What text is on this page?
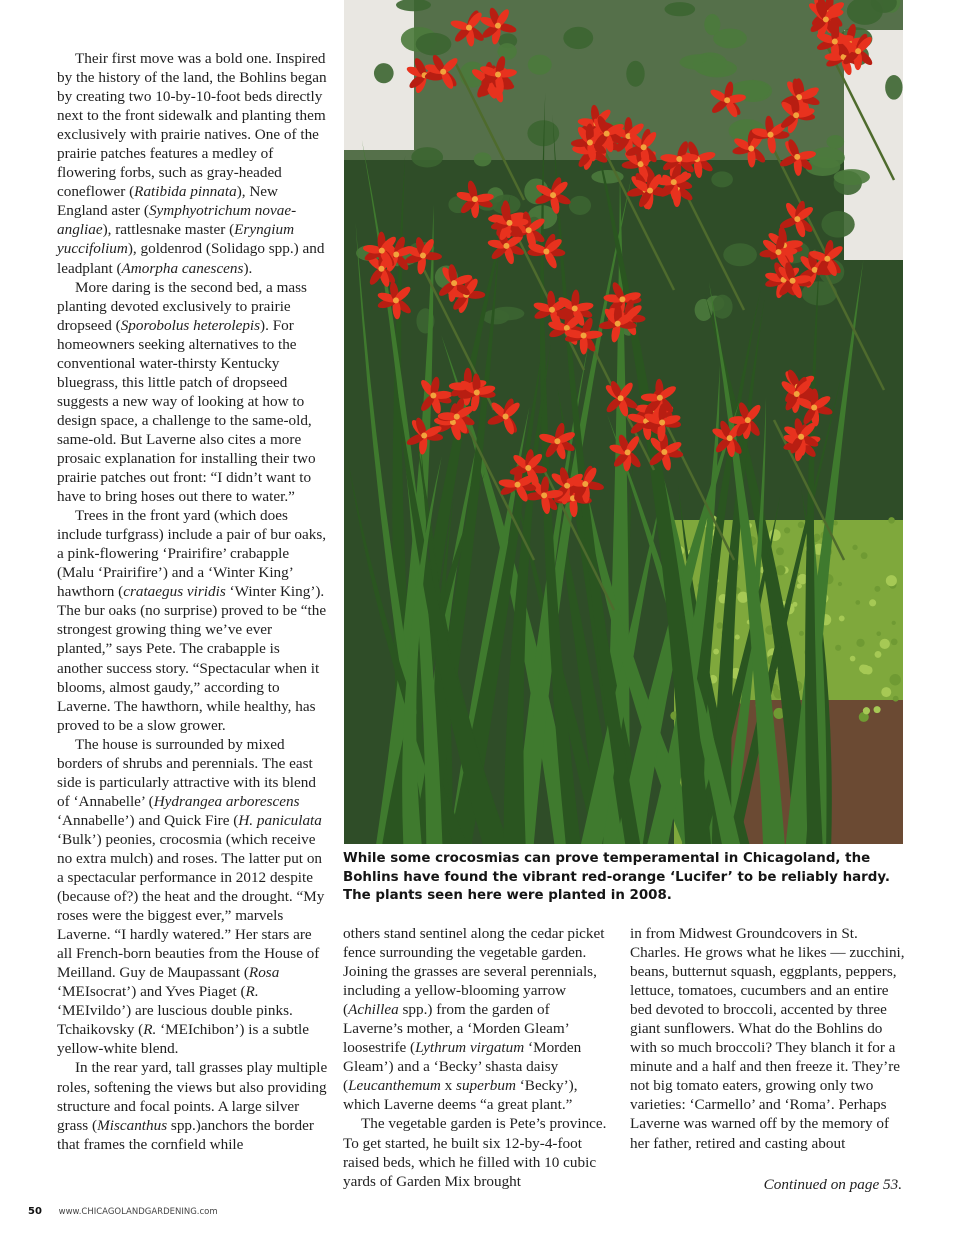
Their first move was a bold one. Inspired by the history of the land, the Bohlins began by creating two 10-by-10-foot beds directly next to the front sidewalk and planting them exclusively with prairie natives. One of the prairie patches features a medley of flowering forbs, such as gray-headed coneflower (Ratibida pinnata), New England aster (Symphyotrichum novae-angliae), rattlesnake master (Eryngium yuccifolium), goldenrod (Solidago spp.) and leadplant (Amorpha canescens).

More daring is the second bed, a mass planting devoted exclusively to prairie dropseed (Sporobolus heterolepis). For homeowners seeking alternatives to the conventional water-thirsty Kentucky bluegrass, this little patch of dropseed suggests a new way of looking at how to design space, a challenge to the same-old, same-old. But Laverne also cites a more prosaic explanation for installing their two prairie patches out front: “I didn’t want to have to bring hoses out there to water.”

Trees in the front yard (which does include turfgrass) include a pair of bur oaks, a pink-flowering ‘Prairifire’ crabapple (Malu ‘Prairifire’) and a ‘Winter King’ hawthorn (crataegus viridis ‘Winter King’). The bur oaks (no surprise) proved to be “the strongest growing thing we’ve ever planted,” says Pete. The crabapple is another success story. “Spectacular when it blooms, almost gaudy,” according to Laverne. The hawthorn, while healthy, has proved to be a slow grower.

The house is surrounded by mixed borders of shrubs and perennials. The east side is particularly attractive with its blend of ‘Annabelle’ (Hydrangea arborescens ‘Annabelle’) and Quick Fire (H. paniculata ‘Bulk’) peonies, crocosmia (which receive no extra mulch) and roses. The latter put on a spectacular performance in 2012 despite (because of?) the heat and the drought. “My roses were the biggest ever,” marvels Laverne. “I hardly watered.” Her stars are all French-born beauties from the House of Meilland. Guy de Maupassant (Rosa ‘MEIsocrat’) and Yves Piaget (R. ‘MEIvildo’) are luscious double pinks. Tchaikovsky (R. ‘MEIchibon’) is a subtle yellow-white blend.

In the rear yard, tall grasses play multiple roles, softening the views but also providing structure and focal points. A large silver grass (Miscanthus spp.)anchors the border that frames the cornfield while

While some crocosmias can prove temperamental in Chicagoland, the Bohlins have found the vibrant red-orange ‘Lucifer’ to be reliably hardy. The plants seen here were planted in 2008.

others stand sentinel along the cedar picket fence surrounding the vegetable garden. Joining the grasses are several perennials, including a yellow-blooming yarrow (Achillea spp.) from the garden of Laverne’s mother, a ‘Morden Gleam’ loosestrife (Lythrum virgatum ‘Morden Gleam’) and a ‘Becky’ shasta daisy (Leucanthemum x superbum ‘Becky’), which Laverne deems “a great plant.”

The vegetable garden is Pete’s province. To get started, he built six 12-by-4-foot raised beds, which he filled with 10 cubic yards of Garden Mix brought

in from Midwest Groundcovers in St. Charles. He grows what he likes — zucchini, beans, butternut squash, eggplants, peppers, lettuce, tomatoes, cucumbers and an entire bed devoted to broccoli, accented by three giant sunflowers. What do the Bohlins do with so much broccoli? They blanch it for a minute and a half and then freeze it. They’re not big tomato eaters, growing only two varieties: ‘Carmello’ and ‘Roma’. Perhaps Laverne was warned off by the memory of her father, retired and casting about

Continued on page 53.
50 www.CHICAGOLANDGARDENING.com
